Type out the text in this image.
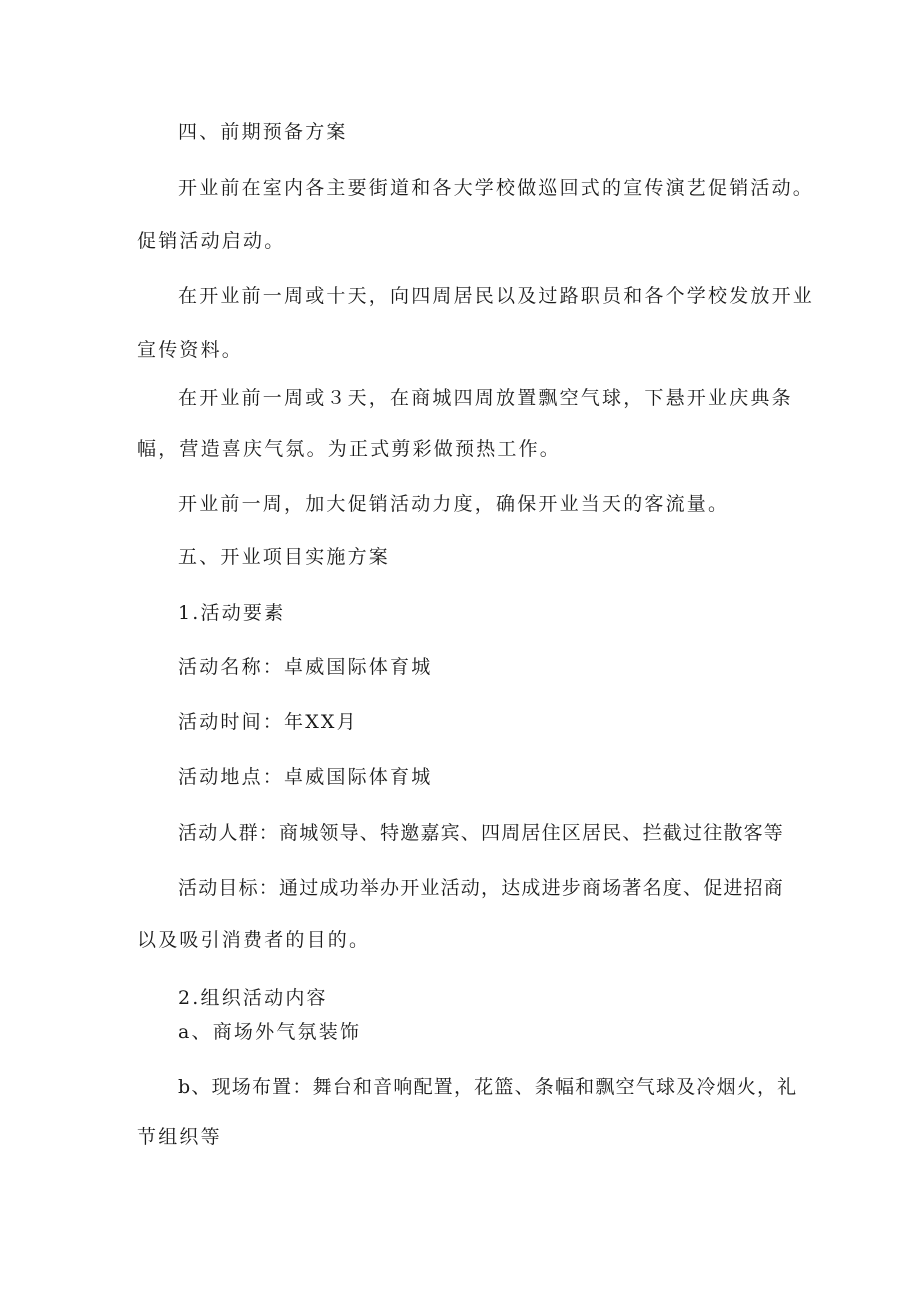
四、前期预备方案
开业前在室内各主要街道和各大学校做巡回式的宣传演艺促销活动。
促销活动启动。
在开业前一周或十天，向四周居民以及过路职员和各个学校发放开业
宣传资料。
在开业前一周或３天，在商城四周放置飘空气球，下悬开业庆典条
幅，营造喜庆气氛。为正式剪彩做预热工作。
开业前一周，加大促销活动力度，确保开业当天的客流量。
五、开业项目实施方案
1.活动要素
活动名称：卓威国际体育城
活动时间：年XX月
活动地点：卓威国际体育城
活动人群：商城领导、特邀嘉宾、四周居住区居民、拦截过往散客等
活动目标：通过成功举办开业活动，达成进步商场著名度、促进招商
以及吸引消费者的目的。
2.组织活动内容
a、商场外气氛装饰
b、现场布置：舞台和音响配置，花篮、条幅和飘空气球及冷烟火，礼
节组织等
